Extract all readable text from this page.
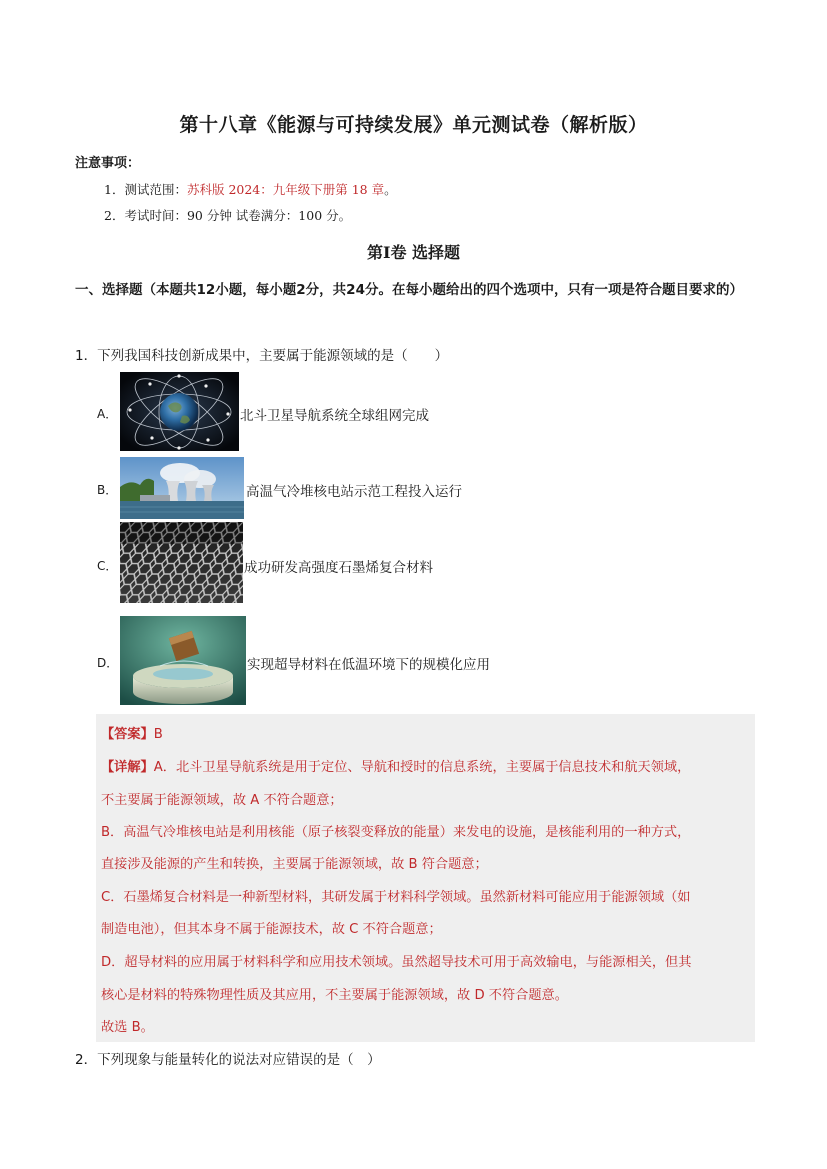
第十八章《能源与可持续发展》单元测试卷（解析版）
注意事项：
1．测试范围：苏科版 2024：九年级下册第 18 章。
2．考试时间：90 分钟 试卷满分：100 分。
第Ⅰ卷 选择题
一、选择题（本题共12小题，每小题2分，共24分。在每小题给出的四个选项中，只有一项是符合题目要求的）
1．下列我国科技创新成果中，主要属于能源领域的是（　　）
A．	北斗卫星导航系统全球组网完成
B．	高温气冷堆核电站示范工程投入运行
C．	成功研发高强度石墨烯复合材料
D．	实现超导材料在低温环境下的规模化应用
【答案】B
【详解】A．北斗卫星导航系统是用于定位、导航和授时的信息系统，主要属于信息技术和航天领域，
不主要属于能源领域，故 A 不符合题意；
B．高温气冷堆核电站是利用核能（原子核裂变释放的能量）来发电的设施，是核能利用的一种方式，
直接涉及能源的产生和转换，主要属于能源领域，故 B 符合题意；
C．石墨烯复合材料是一种新型材料，其研发属于材料科学领域。虽然新材料可能应用于能源领域（如
制造电池），但其本身不属于能源技术，故 C 不符合题意；
D．超导材料的应用属于材料科学和应用技术领域。虽然超导技术可用于高效输电，与能源相关，但其
核心是材料的特殊物理性质及其应用，不主要属于能源领域，故 D 不符合题意。
故选 B。
2．下列现象与能量转化的说法对应错误的是（　）
